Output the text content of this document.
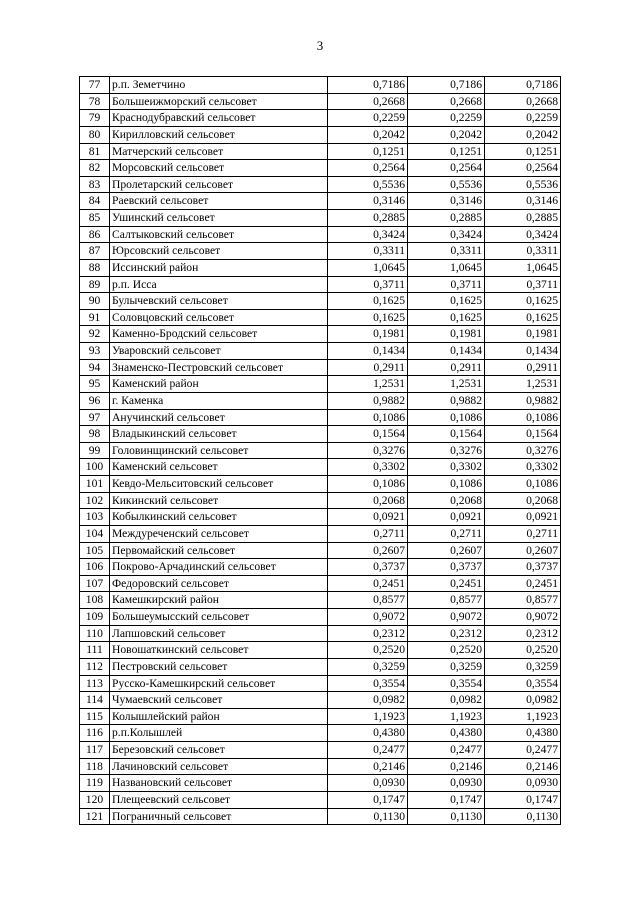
3
77	р.п. Земетчино	0,7186	0,7186	0,7186
78	Большеижморский сельсовет	0,2668	0,2668	0,2668
79	Краснодубравский сельсовет	0,2259	0,2259	0,2259
80	Кирилловский сельсовет	0,2042	0,2042	0,2042
81	Матчерский сельсовет	0,1251	0,1251	0,1251
82	Морсовский сельсовет	0,2564	0,2564	0,2564
83	Пролетарский сельсовет	0,5536	0,5536	0,5536
84	Раевский сельсовет	0,3146	0,3146	0,3146
85	Ушинский сельсовет	0,2885	0,2885	0,2885
86	Салтыковский сельсовет	0,3424	0,3424	0,3424
87	Юрсовский сельсовет	0,3311	0,3311	0,3311
88	Иссинский район	1,0645	1,0645	1,0645
89	р.п. Исса	0,3711	0,3711	0,3711
90	Булычевский сельсовет	0,1625	0,1625	0,1625
91	Соловцовский сельсовет	0,1625	0,1625	0,1625
92	Каменно-Бродский сельсовет	0,1981	0,1981	0,1981
93	Уваровский сельсовет	0,1434	0,1434	0,1434
94	Знаменско-Пестровский сельсовет	0,2911	0,2911	0,2911
95	Каменский район	1,2531	1,2531	1,2531
96	г. Каменка	0,9882	0,9882	0,9882
97	Анучинский сельсовет	0,1086	0,1086	0,1086
98	Владыкинский сельсовет	0,1564	0,1564	0,1564
99	Головинщинский сельсовет	0,3276	0,3276	0,3276
100	Каменский сельсовет	0,3302	0,3302	0,3302
101	Кевдо-Мельситовский сельсовет	0,1086	0,1086	0,1086
102	Кикинский сельсовет	0,2068	0,2068	0,2068
103	Кобылкинский сельсовет	0,0921	0,0921	0,0921
104	Междуреченский сельсовет	0,2711	0,2711	0,2711
105	Первомайский сельсовет	0,2607	0,2607	0,2607
106	Покрово-Арчадинский сельсовет	0,3737	0,3737	0,3737
107	Федоровский сельсовет	0,2451	0,2451	0,2451
108	Камешкирский район	0,8577	0,8577	0,8577
109	Большеумысский сельсовет	0,9072	0,9072	0,9072
110	Лапшовский сельсовет	0,2312	0,2312	0,2312
111	Новошаткинский сельсовет	0,2520	0,2520	0,2520
112	Пестровский сельсовет	0,3259	0,3259	0,3259
113	Русско-Камешкирский сельсовет	0,3554	0,3554	0,3554
114	Чумаевский сельсовет	0,0982	0,0982	0,0982
115	Колышлейский район	1,1923	1,1923	1,1923
116	р.п.Колышлей	0,4380	0,4380	0,4380
117	Березовский сельсовет	0,2477	0,2477	0,2477
118	Лачиновский сельсовет	0,2146	0,2146	0,2146
119	Названовский сельсовет	0,0930	0,0930	0,0930
120	Плещеевский сельсовет	0,1747	0,1747	0,1747
121	Пограничный сельсовет	0,1130	0,1130	0,1130
